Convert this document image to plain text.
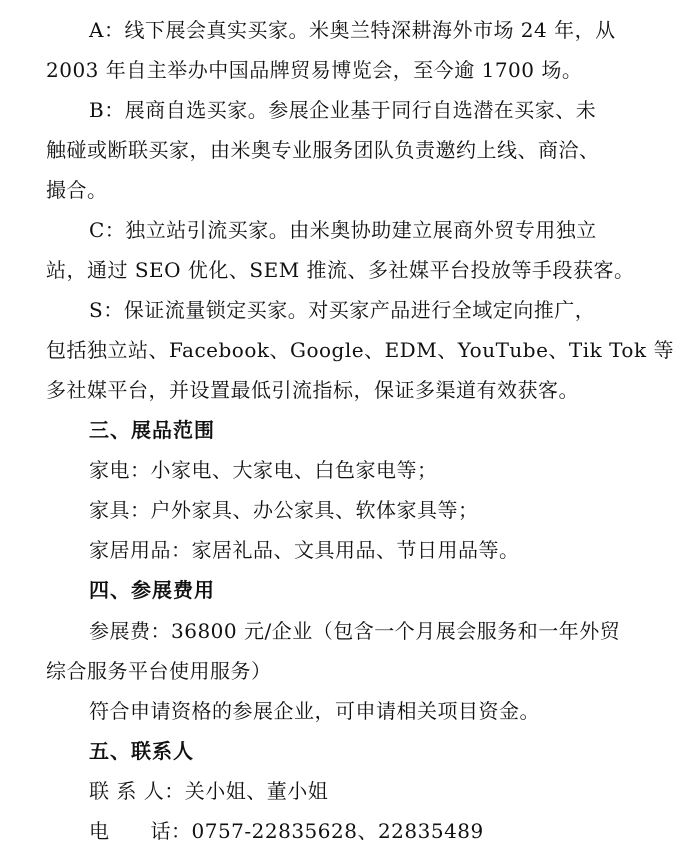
A：线下展会真实买家。米奥兰特深耕海外市场 24 年，从
2003 年自主举办中国品牌贸易博览会，至今逾 1700 场。
B：展商自选买家。参展企业基于同行自选潜在买家、未
触碰或断联买家，由米奥专业服务团队负责邀约上线、商洽、
撮合。
C：独立站引流买家。由米奥协助建立展商外贸专用独立
站，通过 SEO 优化、SEM 推流、多社媒平台投放等手段获客。
S：保证流量锁定买家。对买家产品进行全域定向推广，
包括独立站、Facebook、Google、EDM、YouTube、Tik Tok 等
多社媒平台，并设置最低引流指标，保证多渠道有效获客。
三、展品范围
家电：小家电、大家电、白色家电等；
家具：户外家具、办公家具、软体家具等；
家居用品：家居礼品、文具用品、节日用品等。
四、参展费用
参展费：36800 元/企业（包含一个月展会服务和一年外贸
综合服务平台使用服务）
符合申请资格的参展企业，可申请相关项目资金。
五、联系人
联 系 人：关小姐、董小姐
电　　话：0757-22835628、22835489
